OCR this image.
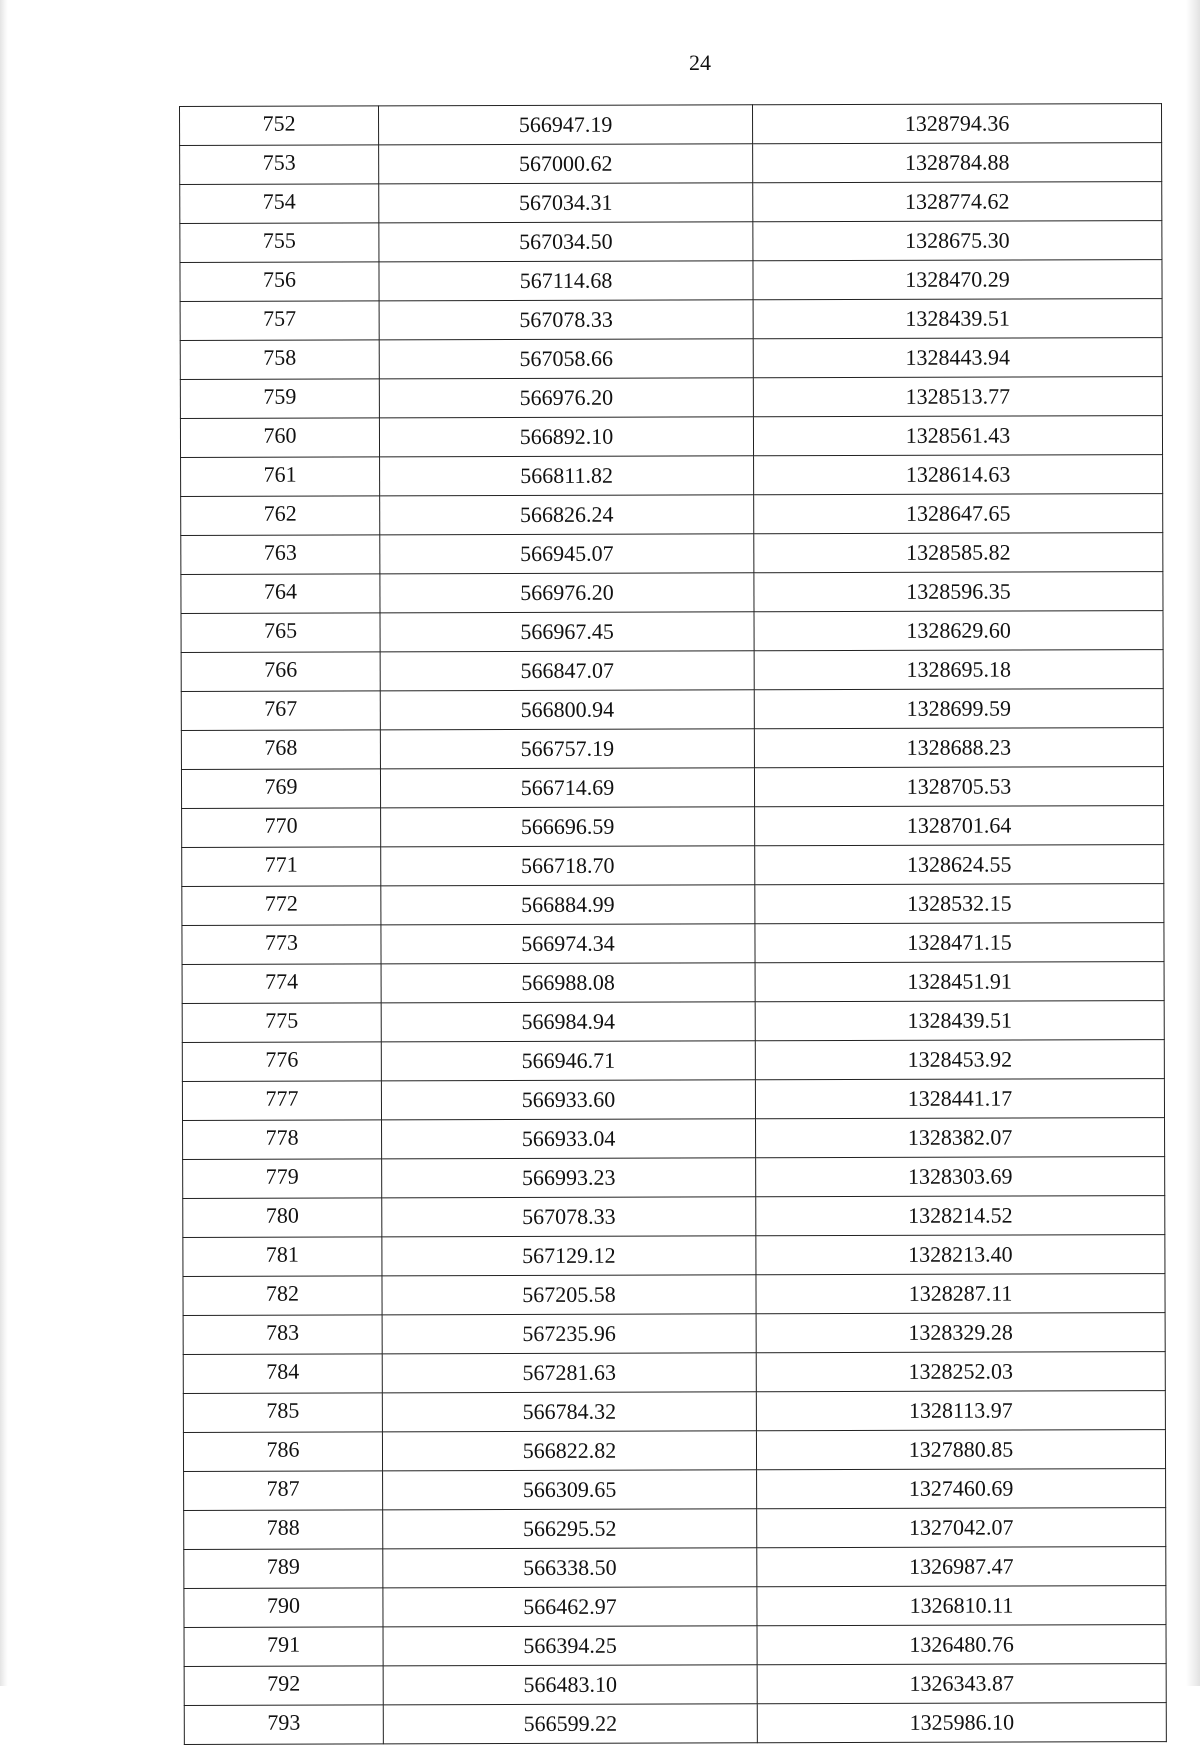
24
752	566947.19	1328794.36
753	567000.62	1328784.88
754	567034.31	1328774.62
755	567034.50	1328675.30
756	567114.68	1328470.29
757	567078.33	1328439.51
758	567058.66	1328443.94
759	566976.20	1328513.77
760	566892.10	1328561.43
761	566811.82	1328614.63
762	566826.24	1328647.65
763	566945.07	1328585.82
764	566976.20	1328596.35
765	566967.45	1328629.60
766	566847.07	1328695.18
767	566800.94	1328699.59
768	566757.19	1328688.23
769	566714.69	1328705.53
770	566696.59	1328701.64
771	566718.70	1328624.55
772	566884.99	1328532.15
773	566974.34	1328471.15
774	566988.08	1328451.91
775	566984.94	1328439.51
776	566946.71	1328453.92
777	566933.60	1328441.17
778	566933.04	1328382.07
779	566993.23	1328303.69
780	567078.33	1328214.52
781	567129.12	1328213.40
782	567205.58	1328287.11
783	567235.96	1328329.28
784	567281.63	1328252.03
785	566784.32	1328113.97
786	566822.82	1327880.85
787	566309.65	1327460.69
788	566295.52	1327042.07
789	566338.50	1326987.47
790	566462.97	1326810.11
791	566394.25	1326480.76
792	566483.10	1326343.87
793	566599.22	1325986.10
